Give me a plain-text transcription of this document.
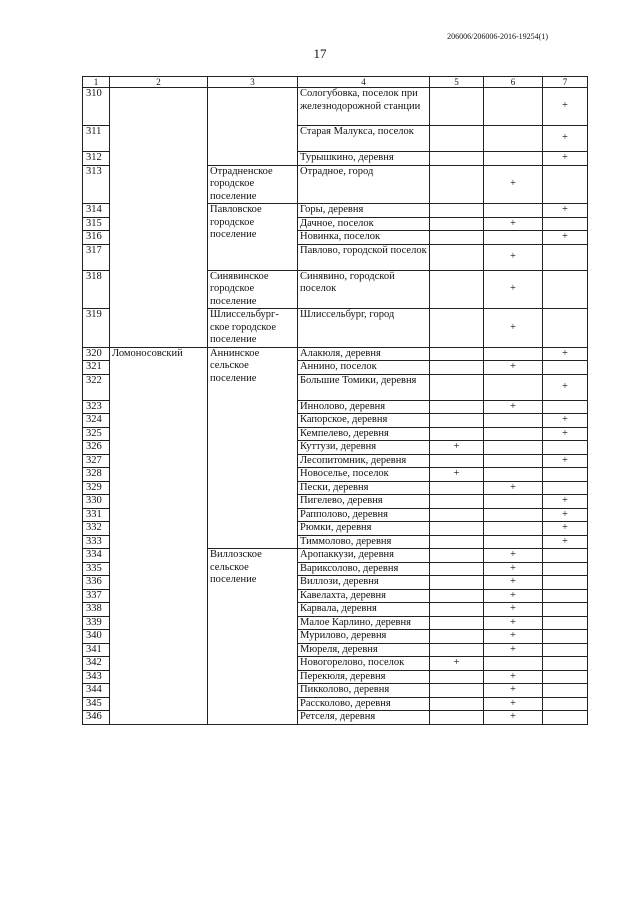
206006/206006-2016-19254(1)
17
1	2	3	4	5	6	7
310			Сологубовка, поселок при железнодорожной станции			+
311			Старая Малукса, поселок			+
312			Турышкино, деревня			+
313		Отрадненское городское поселение	Отрадное, город		+	
314		Павловское городское поселение	Горы, деревня			+
315			Дачное, поселок		+	
316			Новинка, поселок			+
317			Павлово, городской поселок		+	
318		Синявинское городское поселение	Синявино, городской поселок		+	
319		Шлиссельбург-ское городское поселение	Шлиссельбург, город		+	
320	Ломоносовский	Аннинское сельское поселение	Алакюля, деревня			+
321			Аннино, поселок		+	
322			Большие Томики, деревня			+
323			Иннолово, деревня		+	
324			Капорское, деревня			+
325			Кемпелево, деревня			+
326			Куттузи, деревня	+		
327			Лесопитомник, деревня			+
328			Новоселье, поселок	+		
329			Пески, деревня		+	
330			Пигелево, деревня			+
331			Рапполово, деревня			+
332			Рюмки, деревня			+
333			Тиммолово, деревня			+
334		Виллозское сельское поселение	Аропаккузи, деревня		+	
335			Вариксолово, деревня		+	
336			Виллози, деревня		+	
337			Кавелахта, деревня		+	
338			Карвала, деревня		+	
339			Малое Карлино, деревня		+	
340			Мурилово, деревня		+	
341			Мюреля, деревня		+	
342			Новогорелово, поселок	+		
343			Перекюля, деревня		+	
344			Пикколово, деревня		+	
345			Рассколово, деревня		+	
346			Ретселя, деревня		+	
